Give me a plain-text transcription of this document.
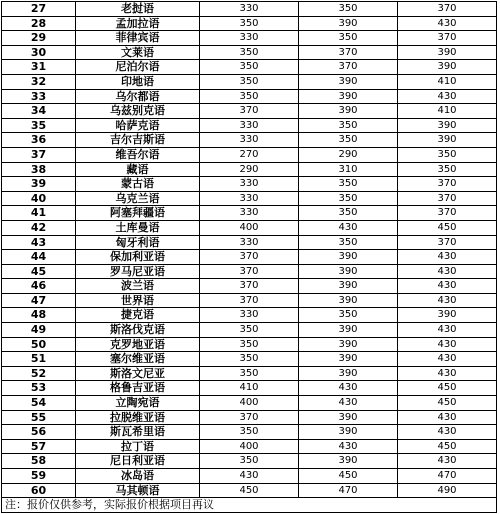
27	老挝语	330	350	370
28	孟加拉语	350	390	430
29	菲律宾语	330	350	370
30	文莱语	350	370	390
31	尼泊尔语	350	370	390
32	印地语	350	390	410
33	乌尔都语	350	390	430
34	乌兹别克语	370	390	410
35	哈萨克语	330	350	390
36	吉尔吉斯语	330	350	390
37	维吾尔语	270	290	350
38	藏语	290	310	350
39	蒙古语	330	350	370
40	乌克兰语	330	350	370
41	阿塞拜疆语	330	350	370
42	土库曼语	400	430	450
43	匈牙利语	330	350	370
44	保加利亚语	370	390	430
45	罗马尼亚语	370	390	430
46	波兰语	370	390	430
47	世界语	370	390	430
48	捷克语	330	350	390
49	斯洛伐克语	350	390	430
50	克罗地亚语	350	390	430
51	塞尔维亚语	350	390	430
52	斯洛文尼亚	350	390	430
53	格鲁吉亚语	410	430	450
54	立陶宛语	400	430	450
55	拉脱维亚语	370	390	430
56	斯瓦希里语	350	390	430
57	拉丁语	400	430	450
58	尼日利亚语	350	390	430
59	冰岛语	430	450	470
60	马其顿语	450	470	490
注：报价仅供参考，实际报价根据项目再议				
